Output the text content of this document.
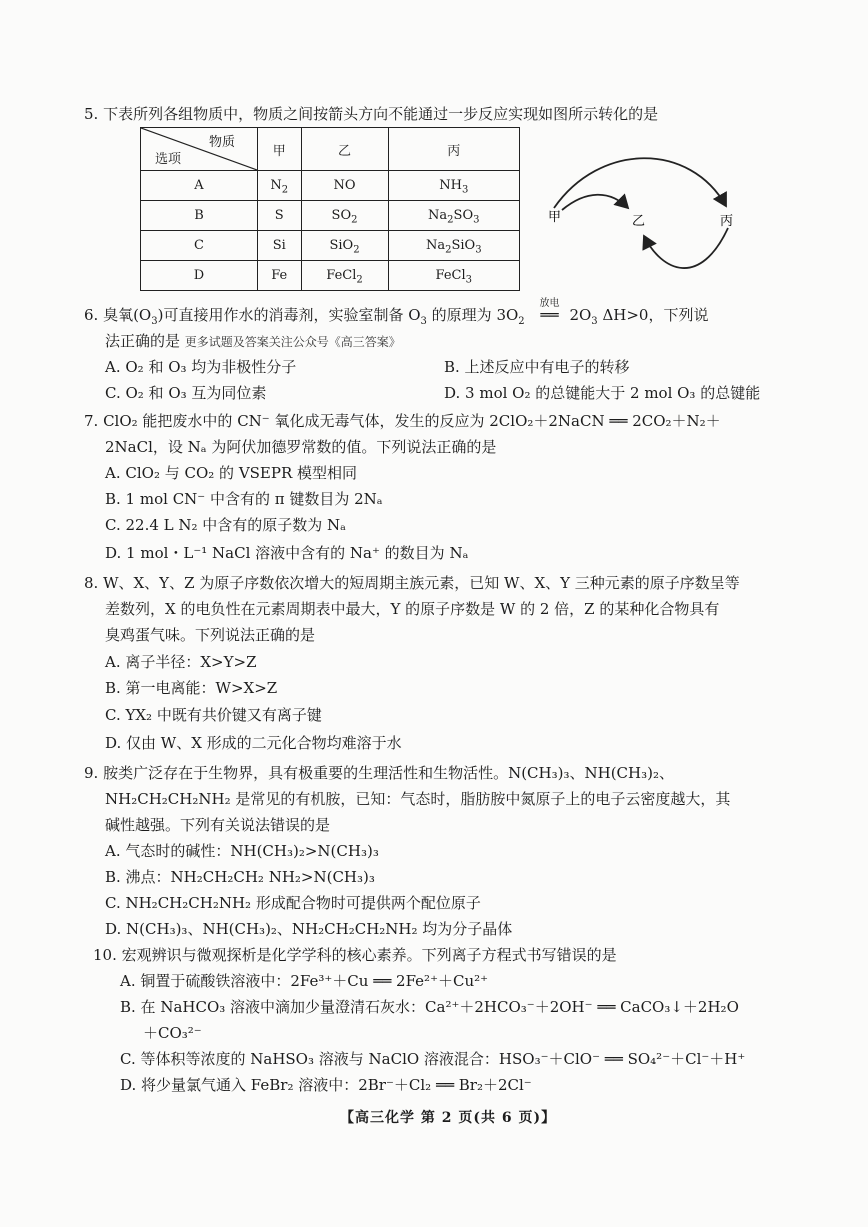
5. 下表所列各组物质中，物质之间按箭头方向不能通过一步反应实现如图所示转化的是
物质
选项	甲	乙	丙
A	$N_2$	NO	$NH_3$
B	S	$SO_2$	$Na_2SO_3$
C	Si	SiO$_2$	$Na_2SiO_3$
D	Fe	FeCl$_2$	FeCl$_3$
甲	乙	丙
6. 臭氧$(O_3)$可直接用作水的消毒剂，实验室制备 $O_3$ 的原理为 $3O_2$
放电
══ $2O_3$ ΔH>0，下列说
法正确的是 更多试题及答案关注公众号《高三答案》
A. O₂ 和 O₃ 均为非极性分子	B. 上述反应中有电子的转移
C. O₂ 和 O₃ 互为同位素	D. 3 mol O₂ 的总键能大于 2 mol O₃ 的总键能
7. ClO₂ 能把废水中的 CN⁻ 氧化成无毒气体，发生的反应为 2ClO₂＋2NaCN ══ 2CO₂＋N₂＋
2NaCl，设 Nₐ 为阿伏加德罗常数的值。下列说法正确的是
A. ClO₂ 与 CO₂ 的 VSEPR 模型相同
B. 1 mol CN⁻ 中含有的 π 键数目为 2Nₐ
C. 22.4 L N₂ 中含有的原子数为 Nₐ
D. 1 mol・L⁻¹ NaCl 溶液中含有的 Na⁺ 的数目为 Nₐ
8. W、X、Y、Z 为原子序数依次增大的短周期主族元素，已知 W、X、Y 三种元素的原子序数呈等
差数列，X 的电负性在元素周期表中最大，Y 的原子序数是 W 的 2 倍，Z 的某种化合物具有
臭鸡蛋气味。下列说法正确的是
A. 离子半径：X>Y>Z
B. 第一电离能：W>X>Z
C. YX₂ 中既有共价键又有离子键
D. 仅由 W、X 形成的二元化合物均难溶于水
9. 胺类广泛存在于生物界，具有极重要的生理活性和生物活性。N(CH₃)₃、NH(CH₃)₂、
NH₂CH₂CH₂NH₂ 是常见的有机胺，已知：气态时，脂肪胺中氮原子上的电子云密度越大，其
碱性越强。下列有关说法错误的是
A. 气态时的碱性：NH(CH₃)₂>N(CH₃)₃
B. 沸点：NH₂CH₂CH₂ NH₂>N(CH₃)₃
C. NH₂CH₂CH₂NH₂ 形成配合物时可提供两个配位原子
D. N(CH₃)₃、NH(CH₃)₂、NH₂CH₂CH₂NH₂ 均为分子晶体
10. 宏观辨识与微观探析是化学学科的核心素养。下列离子方程式书写错误的是
A. 铜置于硫酸铁溶液中：2Fe³⁺＋Cu ══ 2Fe²⁺＋Cu²⁺
B. 在 NaHCO₃ 溶液中滴加少量澄清石灰水：Ca²⁺＋2HCO₃⁻＋2OH⁻ ══ CaCO₃↓＋2H₂O
＋CO₃²⁻
C. 等体积等浓度的 NaHSO₃ 溶液与 NaClO 溶液混合：HSO₃⁻＋ClO⁻ ══ SO₄²⁻＋Cl⁻＋H⁺
D. 将少量氯气通入 FeBr₂ 溶液中：2Br⁻＋Cl₂ ══ Br₂＋2Cl⁻
【高三化学 第 2 页(共 6 页)】
